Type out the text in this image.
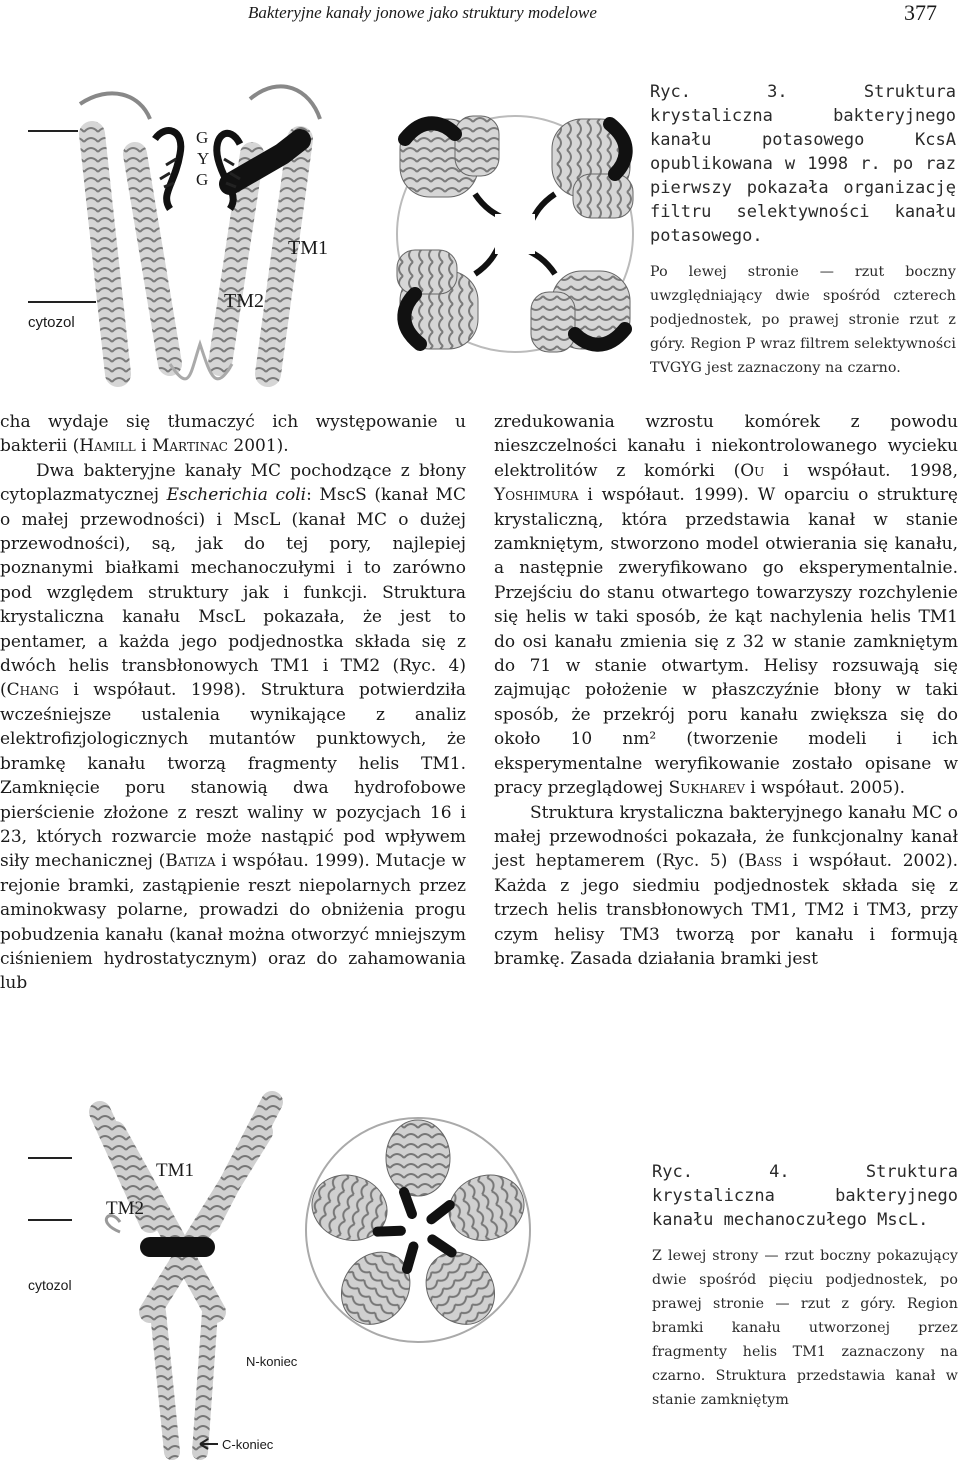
Bakteryjne kanały jonowe jako struktury modelowe	377
G
Y
G
TM1
TM2
cytozol

Ryc. 3. Struktura krystaliczna bakteryjnego kanału potasowego KcsA opublikowana w 1998 r. po raz pierwszy pokazała organizację filtru selektywności kanału potasowego.

Po lewej stronie — rzut boczny uwzględniający dwie spośród czterech podjednostek, po prawej stronie rzut z góry. Region P wraz filtrem selektywności TVGYG jest zaznaczony na czarno.

cha wydaje się tłumaczyć ich występowanie u bakterii (Hamill i Martinac 2001).

Dwa bakteryjne kanały MC pochodzące z błony cytoplazmatycznej Escherichia coli: MscS (kanał MC o małej przewodności) i MscL (kanał MC o dużej przewodności), są, jak do tej pory, najlepiej poznanymi białkami mechanoczułymi i to zarówno pod względem struktury jak i funkcji. Struktura krystaliczna kanału MscL pokazała, że jest to pentamer, a każda jego podjednostka składa się z dwóch helis transbłonowych TM1 i TM2 (Ryc. 4) (Chang i współaut. 1998). Struktura potwierdziła wcześniejsze ustalenia wynikające z analiz elektrofizjologicznych mutantów punktowych, że bramkę kanału tworzą fragmenty helis TM1. Zamknięcie poru stanowią dwa hydrofobowe pierścienie złożone z reszt waliny w pozycjach 16 i 23, których rozwarcie może nastąpić pod wpływem siły mechanicznej (Batiza i współau. 1999). Mutacje w rejonie bramki, zastąpienie reszt niepolarnych przez aminokwasy polarne, prowadzi do obniżenia progu pobudzenia kanału (kanał można otworzyć mniejszym ciśnieniem hydrostatycznym) oraz do zahamowania lub

zredukowania wzrostu komórek z powodu nieszczelności kanału i niekontrolowanego wycieku elektrolitów z komórki (Ou i współaut. 1998, Yoshimura i współaut. 1999). W oparciu o strukturę krystaliczną, która przedstawia kanał w stanie zamkniętym, stworzono model otwierania się kanału, a następnie zweryfikowano go eksperymentalnie. Przejściu do stanu otwartego towarzyszy rozchylenie się helis w taki sposób, że kąt nachylenia helis TM1 do osi kanału zmienia się z 32 w stanie zamkniętym do 71 w stanie otwartym. Helisy rozsuwają się zajmując położenie w płaszczyźnie błony w taki sposób, że przekrój poru kanału zwiększa się do około 10 nm² (tworzenie modeli i ich eksperymentalne weryfikowanie zostało opisane w pracy przeglądowej Sukharev i współaut. 2005).

Struktura krystaliczna bakteryjnego kanału MC o małej przewodności pokazała, że funkcjonalny kanał jest heptamerem (Ryc. 5) (Bass i współaut. 2002). Każda z jego siedmiu podjednostek składa się z trzech helis transbłonowych TM1, TM2 i TM3, przy czym helisy TM3 tworzą por kanału i formują bramkę. Zasada działania bramki jest

TM1
TM2
cytozol
N-koniec
C-koniec

Ryc. 4. Struktura krystaliczna bakteryjnego kanału mechanoczułego MscL.

Z lewej strony — rzut boczny pokazujący dwie spośród pięciu podjednostek, po prawej stronie — rzut z góry. Region bramki kanału utworzonej przez fragmenty helis TM1 zaznaczony na czarno. Struktura przedstawia kanał w stanie zamkniętym
